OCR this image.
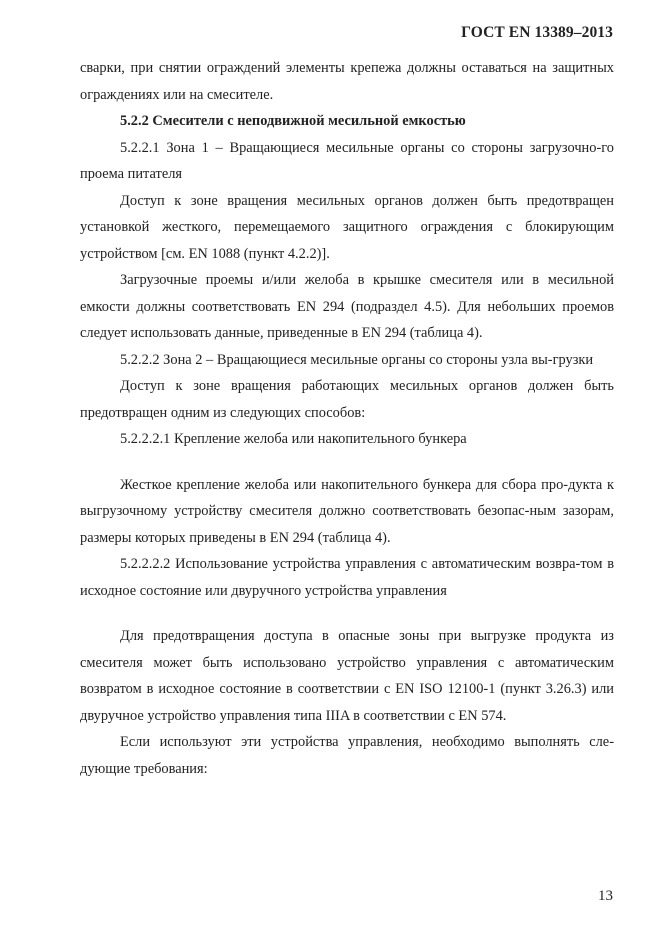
ГОСТ EN 13389–2013

сварки, при снятии ограждений элементы крепежа должны оставаться на защитных ограждениях или на смесителе.

5.2.2 Смесители с неподвижной месильной емкостью

5.2.2.1 Зона 1 – Вращающиеся месильные органы со стороны загрузочно-го проема питателя

Доступ к зоне вращения месильных органов должен быть предотвращен установкой жесткого, перемещаемого защитного ограждения с блокирующим устройством [см. EN 1088 (пункт 4.2.2)].

Загрузочные проемы и/или желоба в крышке смесителя или в месильной емкости должны соответствовать EN 294 (подраздел 4.5). Для небольших проемов следует использовать данные, приведенные в EN 294 (таблица 4).

5.2.2.2 Зона 2 – Вращающиеся месильные органы со стороны узла вы-грузки

Доступ к зоне вращения работающих месильных органов должен быть предотвращен одним из следующих способов:

5.2.2.2.1 Крепление желоба или накопительного бункера

Жесткое крепление желоба или накопительного бункера для сбора про-дукта к выгрузочному устройству смесителя должно соответствовать безопас-ным зазорам, размеры которых приведены в EN 294 (таблица 4).

5.2.2.2.2 Использование устройства управления с автоматическим возвра-том в исходное состояние или двуручного устройства управления

Для предотвращения доступа в опасные зоны при выгрузке продукта из смесителя может быть использовано устройство управления с автоматическим возвратом в исходное состояние в соответствии с EN ISO 12100-1 (пункт 3.26.3) или двуручное устройство управления типа IIIA в соответствии с EN 574.

Если используют эти устройства управления, необходимо выполнять сле-дующие требования:

13
